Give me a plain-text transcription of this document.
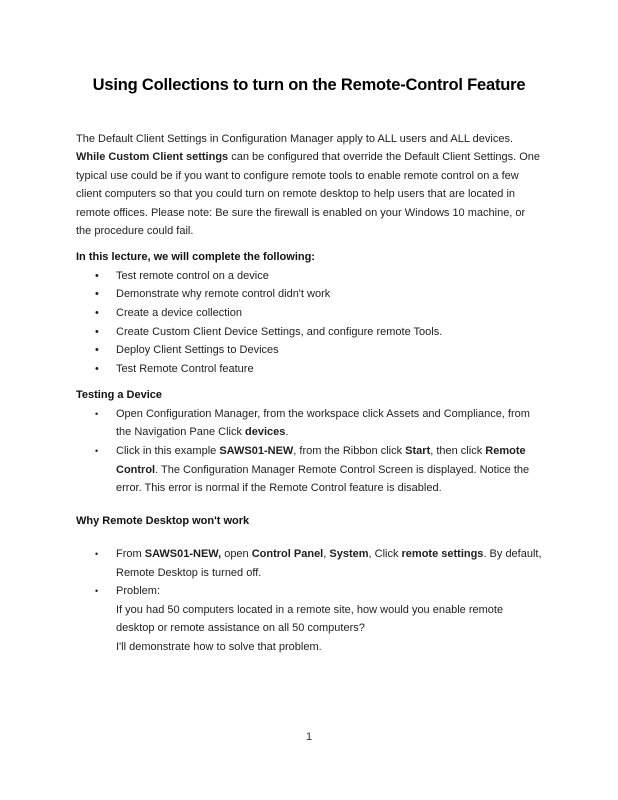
Using Collections to turn on the Remote-Control Feature

The Default Client Settings in Configuration Manager apply to ALL users and ALL devices. While Custom Client settings can be configured that override the Default Client Settings. One typical use could be if you want to configure remote tools to enable remote control on a few client computers so that you could turn on remote desktop to help users that are located in remote offices. Please note: Be sure the firewall is enabled on your Windows 10 machine, or the procedure could fail.

In this lecture, we will complete the following:
•	Test remote control on a device
•	Demonstrate why remote control didn't work
•	Create a device collection
•	Create Custom Client Device Settings, and configure remote Tools.
•	Deploy Client Settings to Devices
•	Test Remote Control feature
Testing a Device
•	Open Configuration Manager, from the workspace click Assets and Compliance, from the Navigation Pane Click devices.
•	Click in this example SAWS01-NEW, from the Ribbon click Start, then click Remote Control. The Configuration Manager Remote Control Screen is displayed. Notice the error. This error is normal if the Remote Control feature is disabled.
Why Remote Desktop won't work
•	From SAWS01-NEW, open Control Panel, System, Click remote settings. By default, Remote Desktop is turned off.
•	Problem:
If you had 50 computers located in a remote site, how would you enable remote desktop or remote assistance on all 50 computers?
I'll demonstrate how to solve that problem.
1
